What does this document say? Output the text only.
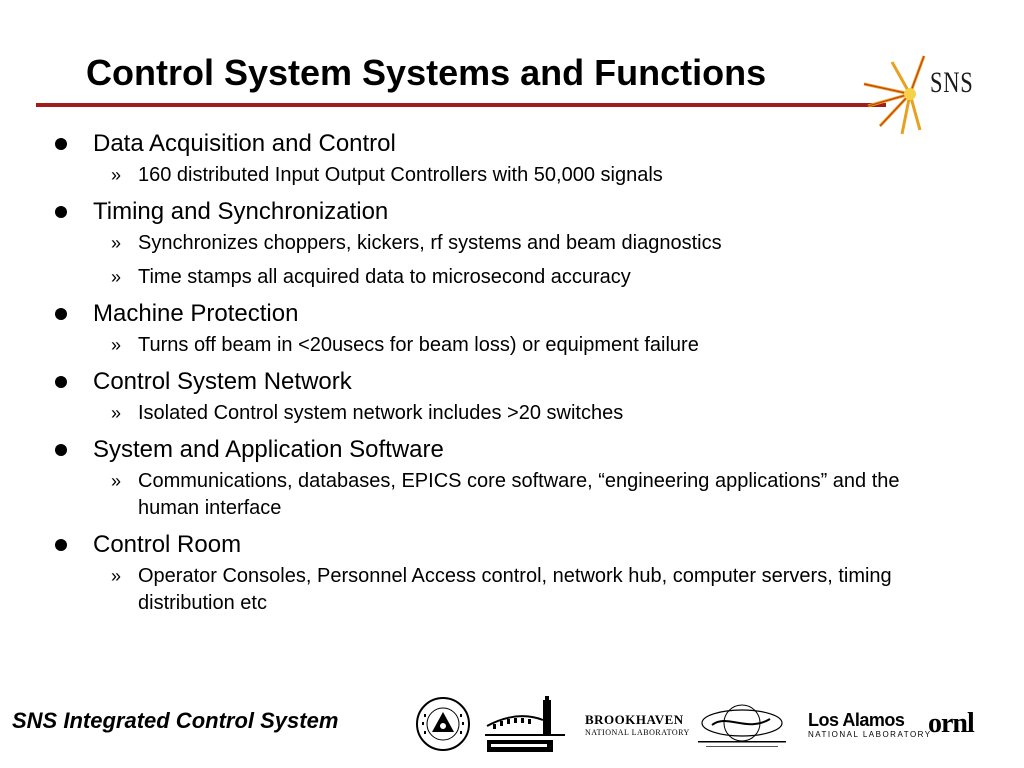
Control System Systems and Functions	SNS
Data Acquisition and Control
» 160 distributed Input Output Controllers with 50,000 signals
Timing and Synchronization
» Synchronizes choppers, kickers, rf systems and beam diagnostics
» Time stamps all acquired data to microsecond accuracy
Machine Protection
» Turns off beam in <20usecs for beam loss) or equipment failure
Control System Network
» Isolated Control system network includes >20 switches
System and Application Software
» Communications, databases, EPICS core software, “engineering applications” and the human interface
Control Room
» Operator Consoles, Personnel Access control, network hub, computer servers, timing distribution etc
SNS Integrated Control System	BROOKHAVEN
NATIONAL LABORATORY
Los Alamos
NATIONAL LABORATORY
ornl
